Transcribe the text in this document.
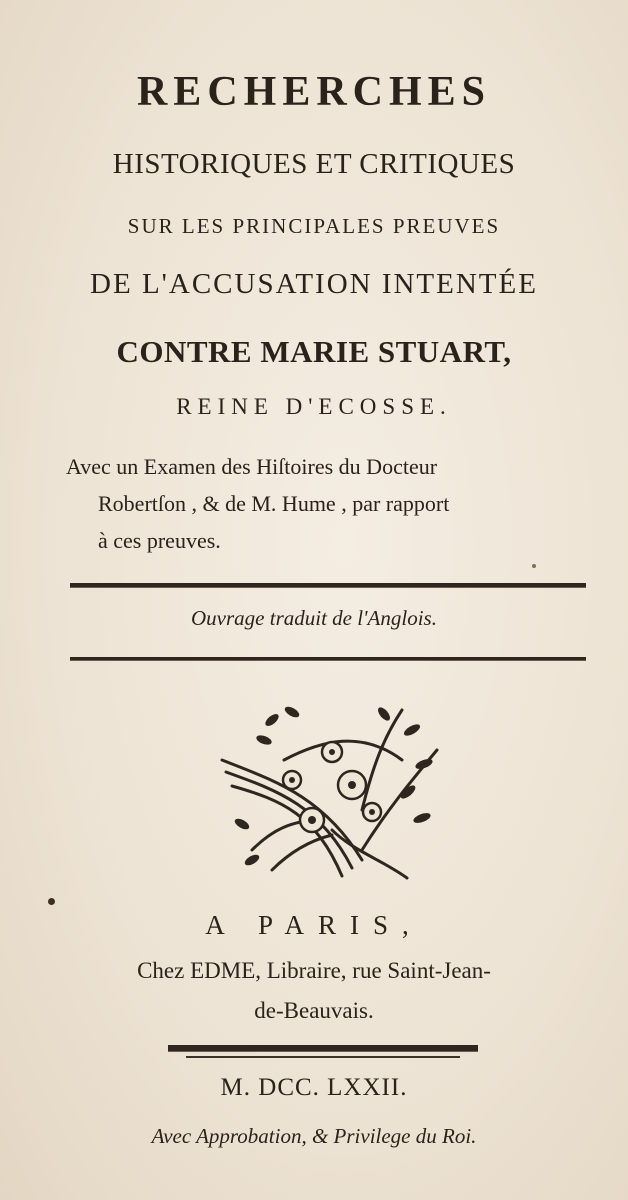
RECHERCHES
HISTORIQUES ET CRITIQUES
SUR LES PRINCIPALES PREUVES
DE L'ACCUSATION INTENTÉE
CONTRE MARIE STUART,
REINE D'ECOSSE.
Avec un Examen des Hiſtoires du Docteur
Robertſon , & de M. Hume , par rapport
à ces preuves.
Ouvrage traduit de l'Anglois.
A PARIS,
Chez EDME, Libraire, rue Saint-Jean-
de-Beauvais.
M. DCC. LXXII.
Avec Approbation, & Privilege du Roi.
